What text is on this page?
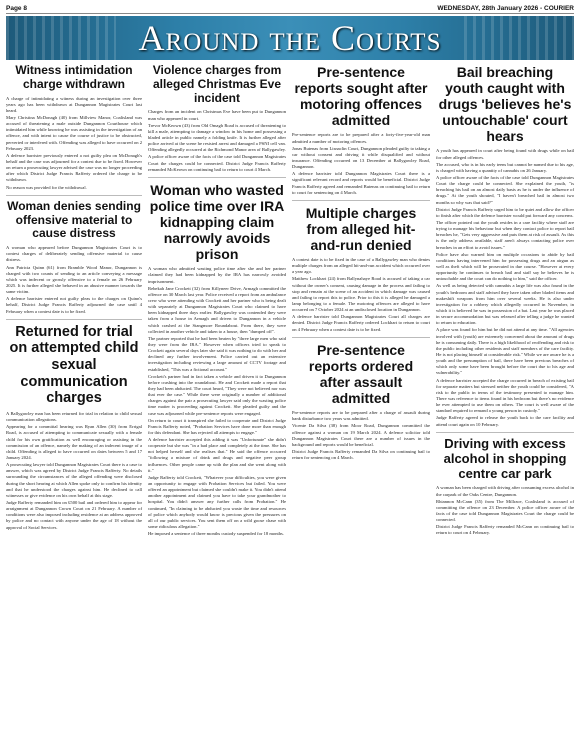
Page 8	WEDNESDAY, 28th January 2026 - COURIER
Around the Courts
Witness intimidation charge withdrawn

A charge of intimidating a witness during an investigation over three years ago has been withdrawn at Dungannon Magistrates Court last heard.

Mary Christina McDonagh (40) from Millview Manor, Coalisland was accused of threatening a male outside Dungannon Courthouse which intimidated him while knowing he was assisting in the investigation of an offence, and with intent to cause the course of justice to be obstructed, perverted or interfered with. Offending was alleged to have occurred on 2 February 2023.

A defence barrister previously entered a not guilty plea on McDonagh's behalf and the case was adjourned for a contest due to be fixed. However on return a prosecuting lawyer advised the case was no longer proceeding after which District Judge Francis Rafferty ordered the charge to be withdrawn.

No reason was provided for the withdrawal.

Woman denies sending offensive material to cause distress

A woman who appeared before Dungannon Magistrates Court is to contest charges of deliberately sending offensive material to cause distress.

Ann Patricia Quinn (61) from Bramble Wood Manor, Dungannon is charged with two counts of sending to an article conveying a message which was indecent or grossly offensive to a female on 26 February 2025. It is further alleged she behaved in an abusive manner towards the same victim.

A defence barrister entered not guilty pleas to the charges on Quinn's behalf, District Judge Francis Rafferty adjourned the case until 4 February when a contest date is to be fixed.

Returned for trial on attempted child sexual communication charges

A Ballygawley man has been returned for trial in relation to child sexual communication allegations.

Appearing for a committal hearing was Ryan Allen (30) from Errigal Road, is accused of attempting to communicate sexually with a female child for his own gratification as well encouraging or assisting in the commission of an offence, namely the making of an indecent image of a child. Offending is alleged to have occurred on dates between 5 and 17 January 2024.

A prosecuting lawyer told Dungannon Magistrates Court there is a case to answer, which was agreed by District Judge Francis Rafferty. No details surrounding the circumstances of the alleged offending were disclosed during the short hearing at which Allen spoke only to confirm his identity and that he understood the charges against him. He declined to call witnesses or give evidence on his own behalf at this stage.

Judge Rafferty remanded him on £500 bail and ordered him to appear for arraignment at Dungannon Crown Court on 21 February. A number of conditions were also imposed including residence at an address approved by police and no contact with anyone under the age of 18 without the approval of Social Services.

Violence charges from alleged Christmas Eve incident

Charges from an incident on Christmas Eve have been put to Dungannon man who appeared in court.

Trevor McKeown (43) from Old Omagh Road is accused of threatening to kill a male, attempting to damage a window in his home and possessing a bladed article in public namely a folding knife. It is further alleged after police arrived at the scene he resisted arrest and damaged a PSNI cell van. Offending allegedly occurred at the Richmond Manor area of Ballygawley.

A police officer aware of the facts of the case told Dungannon Magistrates Court the charges could be connected. District Judge Francis Rafferty remanded McKeown on continuing bail to return to court 4 March.

Woman who wasted police time over IRA kidnapping claim narrowly avoids prison

A woman who admitted wasting police time after she and her partner claimed they had been kidnapped by the IRA has narrowly avoided imprisonment.

Rebekah Jane Crockett (32) from Killyneer Drive, Armagh committed the offence on 30 March last year. Police received a report from an ambulance crew who were attending with Crockett and her partner who is being dealt with separately at Dungannon Magistrates Court who claimed to have been kidnapped three days earlier. Ballygawley was contended they were taken from a house in Armagh and driven to Dungannon in a vehicle which crashed at the Stangmore Roundabout. From there, they were collected in another vehicle and taken to a house, then "dumped off".

The partner reported that he had been beaten by "three large men who said they were from the IRA." However when officers tried to speak to Crockett again several days later she said it was nothing to do with her and declined any further involvement. Police carried out an extensive investigation including reviewing a large amount of CCTV footage and established, "This was a fictional account."

Crockett's partner had in fact taken a vehicle and driven it to Dungannon before crashing into the roundabout. He and Crockett made a report that they had been abducted. The court heard, "They were not believed nor was that ever the case." While there were originally a number of additional charges against the pair a prosecuting lawyer said only the wasting police time matter is proceeding against Crockett. She pleaded guilty and the case was adjourned while pre-sentence reports were engaged.

On return to court it transpired she failed to cooperate and District Judge Francis Rafferty noted, "Probation Services have done more than enough for this defendant. She has rejected all attempts to engage."

A defence barrister accepted this adding it was "Unfortunate" she didn't cooperate but she was "in a bad place and completely at the time. She has not helped herself and she realises that." He said the offence occurred "following a mixture of drink and drugs and negative peer group influences. Other people came up with the plan and she went along with it."

Judge Rafferty told Crockett, "Whatever your difficulties, you were given an opportunity to engage with Probation Services but failed. You were offered an appointment but claimed she couldn't make it. You didn't attend another appointment and claimed you have to take your grandmother to hospital. You didn't answer any further calls from Probation." He continued, "In claiming to be abducted you waste the time and resources of police which anybody would know is precious given the pressures on all of our public services. You sent them off on a wild goose chase with some ridiculous allegation."

He imposed a sentence of three months custody suspended for 18 months.

Pre-sentence reports sought after motoring offences admitted

Pre-sentence reports are to be prepared after a forty-five-year-old man admitted a number of motoring offences.

Jonas Butenas from Lisnaclin Court, Dungannon pleaded guilty to taking a car without consent and driving it while disqualified and without insurance. Offending occurred on 13 December at Ballygawley Road, Dungannon.

A defence barrister told Dungannon Magistrates Court there is a significant relevant record and reports would be beneficial. District Judge Francis Rafferty agreed and remanded Butenas on continuing bail to return to court for sentencing on 4 March.

Multiple charges from alleged hit-and-run denied

A contest date is to be fixed in the case of a Ballygawley man who denies multiple charges from an alleged hit-and-run accident which occurred over a year ago.

Matthew Lockhart (24) from Ballynahaye Road is accused of taking a car without the owner's consent, causing damage in the process and failing to stop and remain at the scene of an accident in which damage was caused and failing to report this to police. Prior to this it is alleged he damaged a lamp belonging to a female. The motoring offences are alleged to have occurred on 7 October 2024 at an undisclosed location in Dungannon.

A defence barrister told Dungannon Magistrates Court all charges are denied. District Judge Francis Rafferty ordered Lockhart to return to court on 4 February when a contest date is to be fixed.

Pre-sentence reports ordered after assault admitted

Pre-sentence reports are to be prepared after a charge of assault during bank disturbance two years was admitted.

Vicente Da Silva (38) from Moor Road, Dungannon committed the offence against a woman on 19 March 2024. A defence solicitor told Dungannon Magistrates Court there are a number of issues in the background and reports would be beneficial.

District Judge Francis Rafferty remanded Da Silva on continuing bail to return for sentencing on 4 March.

Bail breaching youth caught with drugs 'believes he's untouchable' court hears

A youth has appeared in court after being found with drugs while on bail for other alleged offences.

The accused, who is in his early teens but cannot be named due to his age, is charged with having a quantity of cannabis on 26 January.

A police officer aware of the facts of the case told Dungannon Magistrates Court the charge could be connected. She explained the youth, "is breaching his bail on an almost daily basis as he is under the influence of drugs." At the youth shouted, "I haven't breached bail in almost two months so why was that said?"

District Judge Francis Rafferty urged him to be quiet and allow the officer to finish after which the defence barrister would put forward any concerns.

The officer pointed out the youth resides in a care facility where staff are trying to manage his behaviour but when they contact police to report bail breaches he, "Gets very aggressive and puts them at risk of assault. As this is the only address available, staff aren't always contacting police over breaches in an effort to avoid issues."

Police have also warned him on multiple occasions to abide by bail conditions having intervened him for possessing drugs and an airgun as well as theft which will be prosecuted in due course. "However at every opportunity he continues to breach bail and staff say he believes he is untouchable and the court can do nothing to him," said the officer.

As well as being detected with cannabis a large life was also found in the youth's bedroom and staff advised they have taken other bladed items and makeshift weapons from him over several weeks. He is also under investigation for a robbery which allegedly occurred in November, in which it is believed he was in possession of a bat. Last year he was placed in secure accommodation but was released after telling a judge he wanted to return to education.

A place was found for him but he did not attend at any time. "All agencies involved with (youth) are extremely concerned about the amount of drugs he is consuming daily. There is a high likelihood of reoffending and risk to the public including other residents and staff members of the care facility. He is not placing himself at considerable risk." While we are aware he is a youth and the presumption of bail, there have been previous breaches of which only some have been brought before the court due to his age and vulnerability."

A defence barrister accepted the charge occurred in breach of existing bail for separate matters but stressed neither the youth could be considered, "A risk to the public in terms of the testimony presented to manage him. There was reference to items found in his bedroom but there's no evidence he ever attempted to use them on others. The court is well aware of the standard required to remand a young person in custody."

Judge Rafferty agreed to release the youth back to the care facility and attend court again on 10 February.

Driving with excess alcohol in shopping centre car park

A woman has been charged with driving after consuming excess alcohol in the carpark of the Oaks Centre, Dungannon.

Rhiannon McCann (35) from The Millrace, Coalisland is accused of committing the offence on 23 December. A police officer aware of the facts of the case told Dungannon Magistrates Court the charge could be connected.

District Judge Francis Rafferty remanded McCann on continuing bail to return to court on 4 February.
